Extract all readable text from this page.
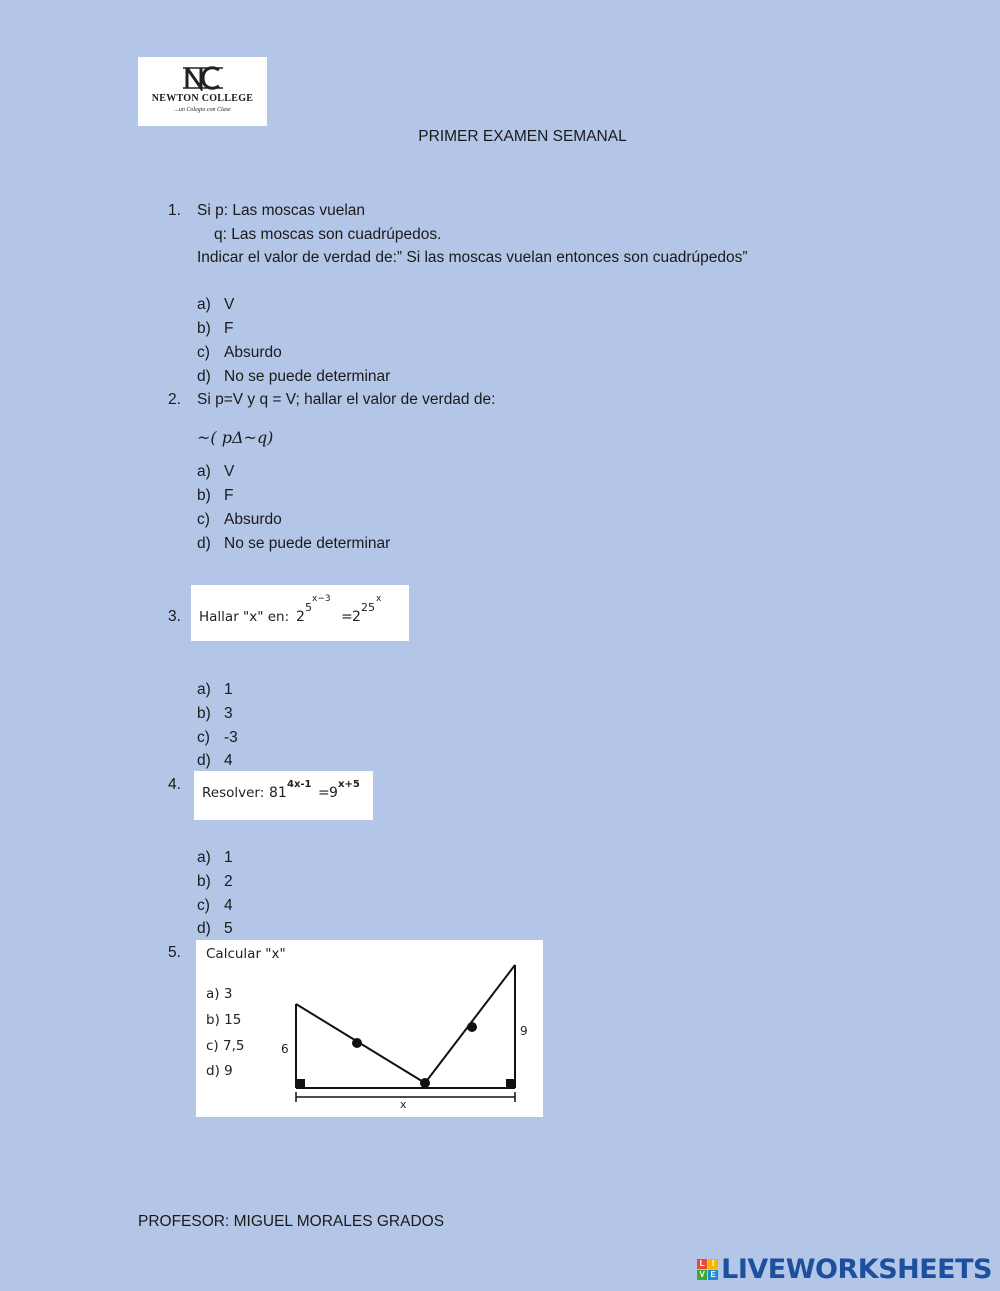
NEWTON COLLEGE
...un Colegio con Clase
PRIMER EXAMEN SEMANAL
1. Si p: Las moscas vuelan
q: Las moscas son cuadrúpedos.
Indicar el valor de verdad de:” Si las moscas vuelan entonces son cuadrúpedos”
a) V
b) F
c) Absurdo
d) No se puede determinar
2. Si p=V y q = V; hallar el valor de verdad de:
~( pΔ~q)
a) V
b) F
c) Absurdo
d) No se puede determinar
3. Hallar "x" en: 2
5
x−3
= 2
25
x
a) 1
b) 3
c) -3
d) 4
4. Resolver: 81
4x-1
= 9
x+5
a) 1
b) 2
c) 4
d) 5
5. Calcular "x"
a) 3
b) 15
c) 7,5
d) 9
6
9
x
PROFESOR: MIGUEL MORALES GRADOS
L I
V E LIVEWORKSHEETS
